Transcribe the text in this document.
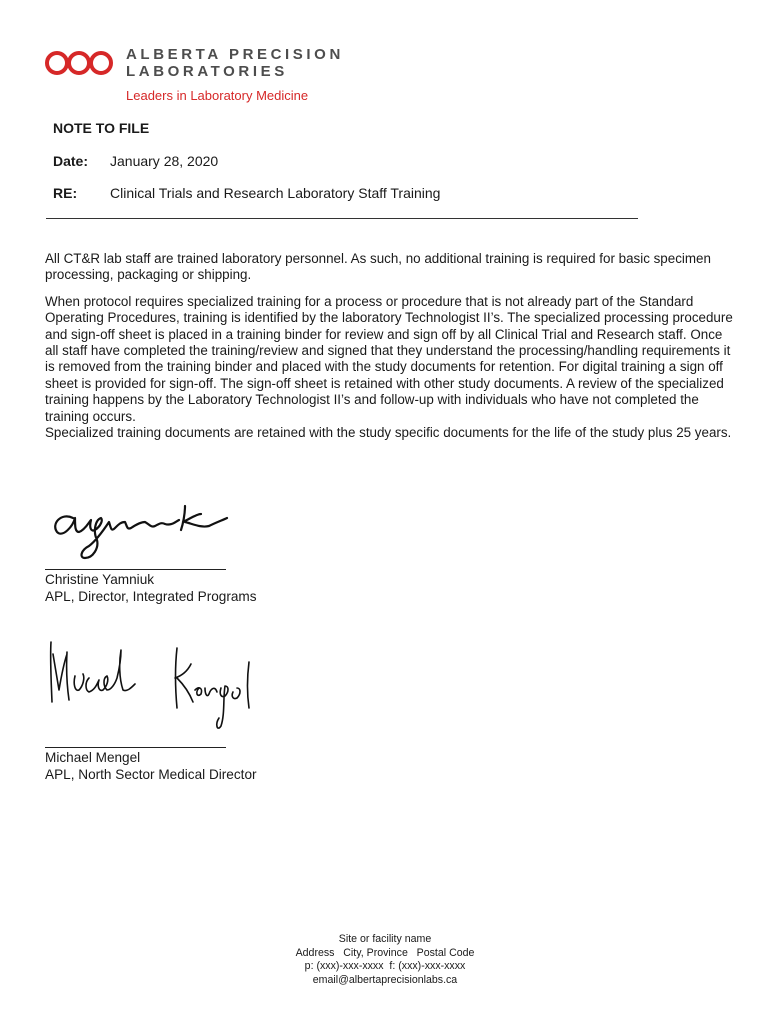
ALBERTA PRECISION
LABORATORIES
Leaders in Laboratory Medicine
NOTE TO FILE
Date: January 28, 2020
RE: Clinical Trials and Research Laboratory Staff Training

All CT&R lab staff are trained laboratory personnel. As such, no additional training is required for basic specimen processing, packaging or shipping.

When protocol requires specialized training for a process or procedure that is not already part of the Standard Operating Procedures, training is identified by the laboratory Technologist II’s. The specialized processing procedure and sign-off sheet is placed in a training binder for review and sign off by all Clinical Trial and Research staff. Once all staff have completed the training/review and signed that they understand the processing/handling requirements it is removed from the training binder and placed with the study documents for retention. For digital training a sign off sheet is provided for sign-off. The sign-off sheet is retained with other study documents. A review of the specialized training happens by the Laboratory Technologist II’s and follow-up with individuals who have not completed the training occurs.

Specialized training documents are retained with the study specific documents for the life of the study plus 25 years.

Christine Yamniuk
APL, Director, Integrated Programs
Michael Mengel
APL, North Sector Medical Director
Site or facility name
Address   City, Province   Postal Code
p: (xxx)-xxx-xxxx  f: (xxx)-xxx-xxxx
email@albertaprecisionlabs.ca
